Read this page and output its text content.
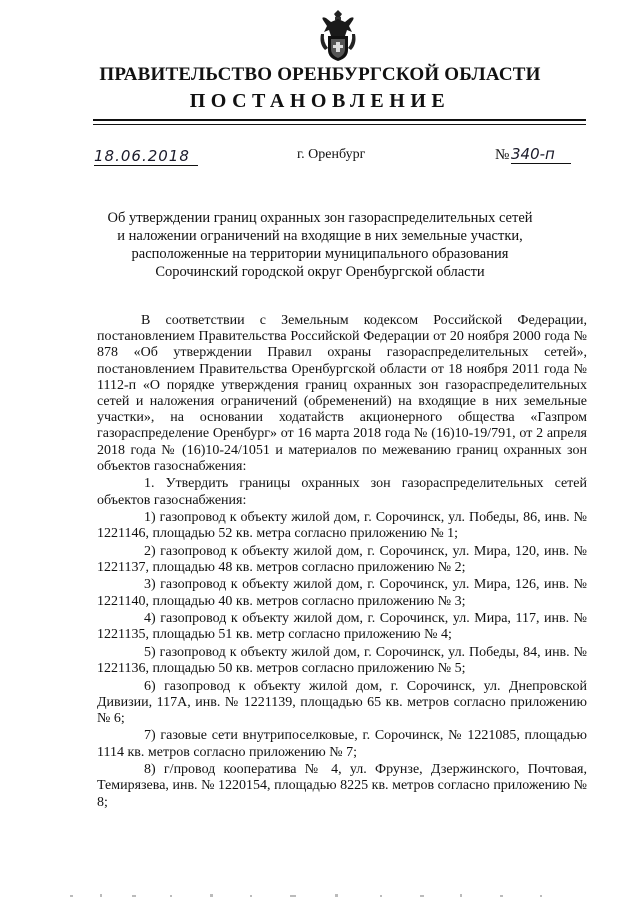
ПРАВИТЕЛЬСТВО ОРЕНБУРГСКОЙ ОБЛАСТИ
ПОСТАНОВЛЕНИЕ
18.06.2018	г. Оренбург	№ 340-п
Об утверждении границ охранных зон газораспределительных сетей
и наложении ограничений на входящие в них земельные участки,
расположенные на территории муниципального образования
Сорочинский городской округ Оренбургской области

В соответствии с Земельным кодексом Российской Федерации, постановлением Правительства Российской Федерации от 20 ноября 2000 года № 878 «Об утверждении Правил охраны газораспределительных сетей», постановлением Правительства Оренбургской области от 18 ноября 2011 года № 1112-п «О порядке утверждения границ охранных зон газораспределительных сетей и наложения ограничений (обременений) на входящие в них земельные участки», на основании ходатайств акционерного общества «Газпром газораспределение Оренбург» от 16 марта 2018 года № (16)10-19/791, от 2 апреля 2018 года № (16)10-24/1051 и материалов по межеванию границ охранных зон объектов газоснабжения:

1. Утвердить границы охранных зон газораспределительных сетей объектов газоснабжения:

1) газопровод к объекту жилой дом, г. Сорочинск, ул. Победы, 86, инв. № 1221146, площадью 52 кв. метра согласно приложению № 1;

2) газопровод к объекту жилой дом, г. Сорочинск, ул. Мира, 120, инв. № 1221137, площадью 48 кв. метров согласно приложению № 2;

3) газопровод к объекту жилой дом, г. Сорочинск, ул. Мира, 126, инв. № 1221140, площадью 40 кв. метров согласно приложению № 3;

4) газопровод к объекту жилой дом, г. Сорочинск, ул. Мира, 117, инв. № 1221135, площадью 51 кв. метр согласно приложению № 4;

5) газопровод к объекту жилой дом, г. Сорочинск, ул. Победы, 84, инв. № 1221136, площадью 50 кв. метров согласно приложению № 5;

6) газопровод к объекту жилой дом, г. Сорочинск, ул. Днепровской Дивизии, 117А, инв. № 1221139, площадью 65 кв. метров согласно приложению № 6;

7) газовые сети внутрипоселковые, г. Сорочинск, № 1221085, площадью 1114 кв. метров согласно приложению № 7;

8) г/провод кооператива № 4, ул. Фрунзе, Дзержинского, Почтовая, Темирязева, инв. № 1220154, площадью 8225 кв. метров согласно приложению № 8;
